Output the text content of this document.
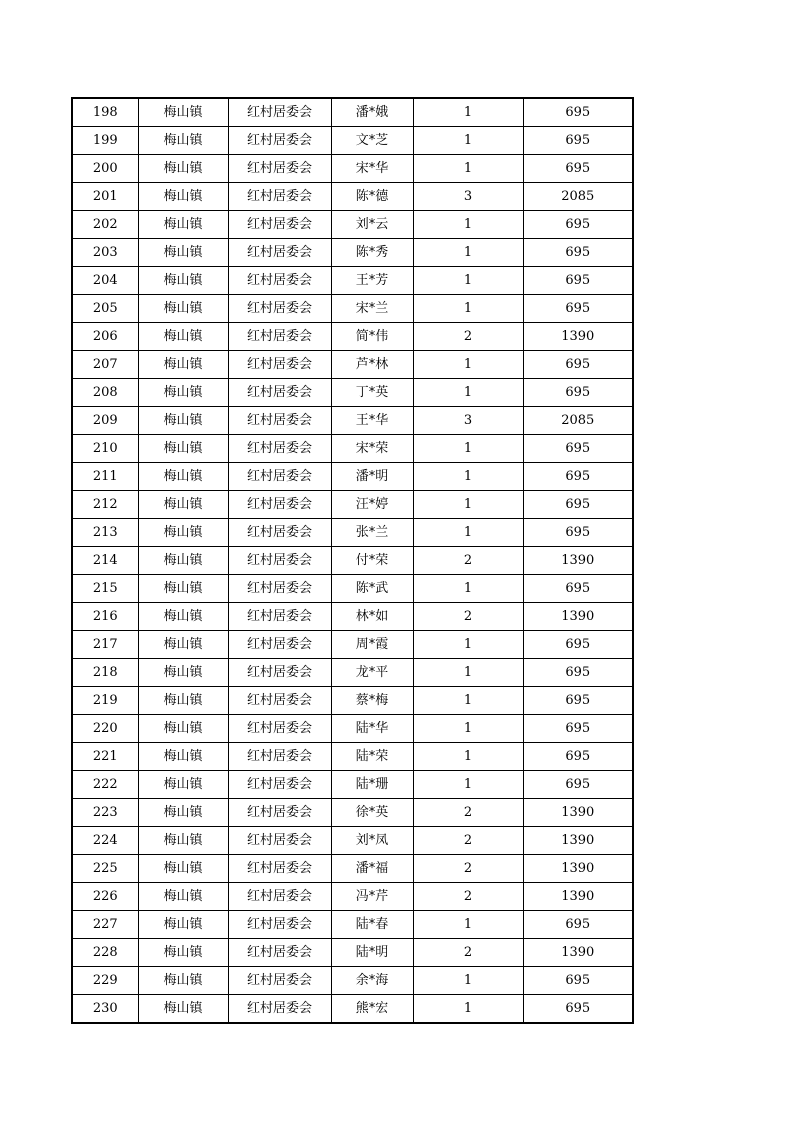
198	梅山镇	红村居委会	潘*娥	1	695
199	梅山镇	红村居委会	文*芝	1	695
200	梅山镇	红村居委会	宋*华	1	695
201	梅山镇	红村居委会	陈*德	3	2085
202	梅山镇	红村居委会	刘*云	1	695
203	梅山镇	红村居委会	陈*秀	1	695
204	梅山镇	红村居委会	王*芳	1	695
205	梅山镇	红村居委会	宋*兰	1	695
206	梅山镇	红村居委会	简*伟	2	1390
207	梅山镇	红村居委会	芦*林	1	695
208	梅山镇	红村居委会	丁*英	1	695
209	梅山镇	红村居委会	王*华	3	2085
210	梅山镇	红村居委会	宋*荣	1	695
211	梅山镇	红村居委会	潘*明	1	695
212	梅山镇	红村居委会	汪*婷	1	695
213	梅山镇	红村居委会	张*兰	1	695
214	梅山镇	红村居委会	付*荣	2	1390
215	梅山镇	红村居委会	陈*武	1	695
216	梅山镇	红村居委会	林*如	2	1390
217	梅山镇	红村居委会	周*霞	1	695
218	梅山镇	红村居委会	龙*平	1	695
219	梅山镇	红村居委会	蔡*梅	1	695
220	梅山镇	红村居委会	陆*华	1	695
221	梅山镇	红村居委会	陆*荣	1	695
222	梅山镇	红村居委会	陆*珊	1	695
223	梅山镇	红村居委会	徐*英	2	1390
224	梅山镇	红村居委会	刘*凤	2	1390
225	梅山镇	红村居委会	潘*福	2	1390
226	梅山镇	红村居委会	冯*芹	2	1390
227	梅山镇	红村居委会	陆*春	1	695
228	梅山镇	红村居委会	陆*明	2	1390
229	梅山镇	红村居委会	余*海	1	695
230	梅山镇	红村居委会	熊*宏	1	695
